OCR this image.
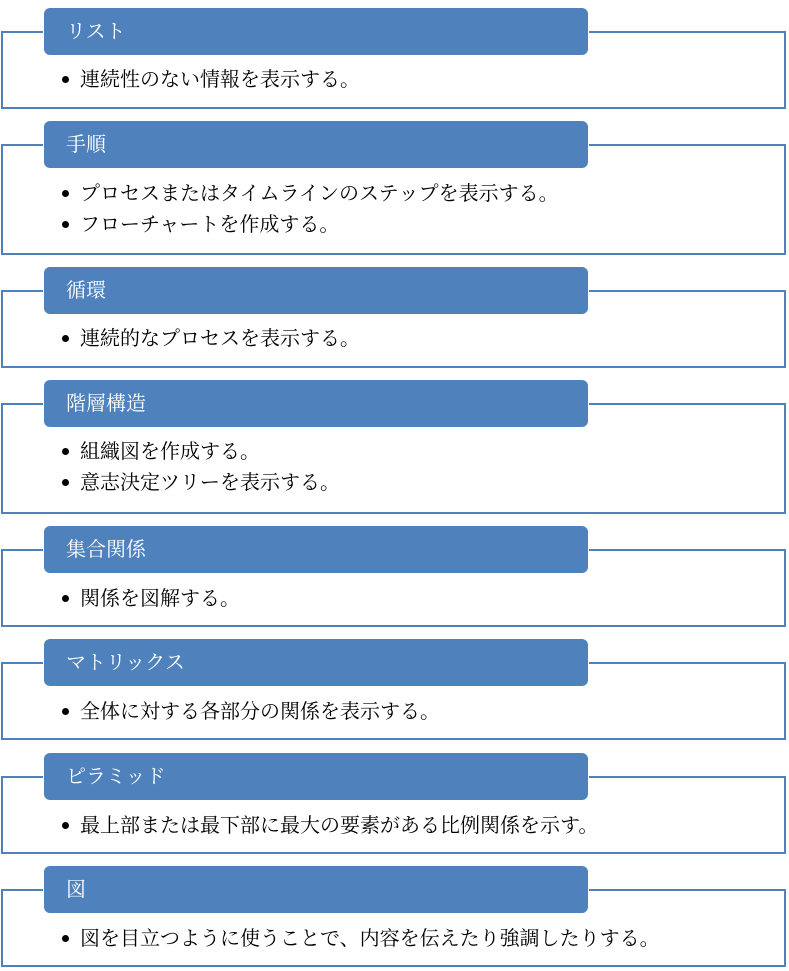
リスト
連続性のない情報を表示する。
手順
プロセスまたはタイムラインのステップを表示する。
フローチャートを作成する。
循環
連続的なプロセスを表示する。
階層構造
組織図を作成する。
意志決定ツリーを表示する。
集合関係
関係を図解する。
マトリックス
全体に対する各部分の関係を表示する。
ピラミッド
最上部または最下部に最大の要素がある比例関係を示す。
図
図を目立つように使うことで、内容を伝えたり強調したりする。
